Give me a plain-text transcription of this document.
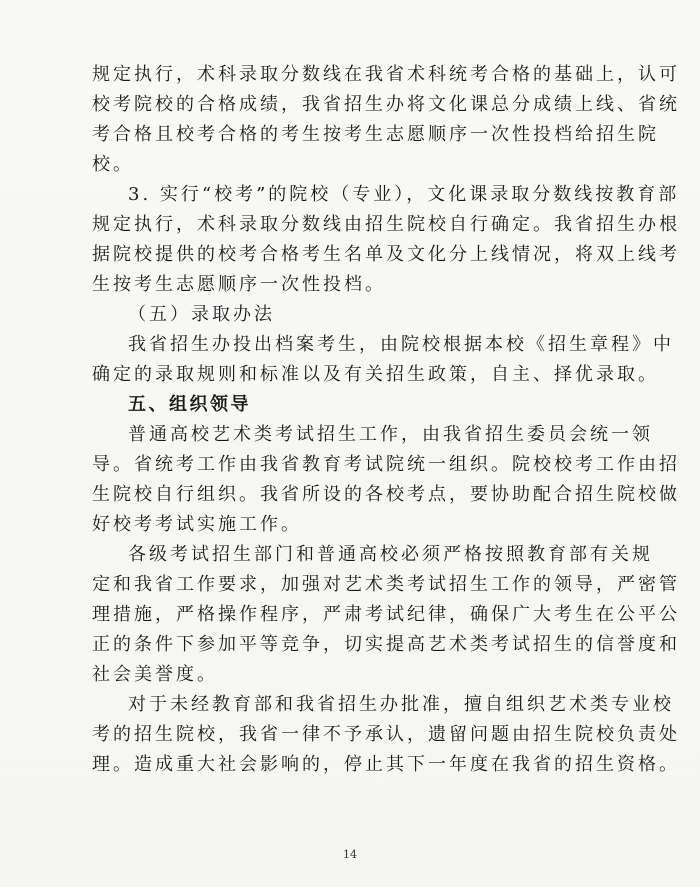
规定执行，术科录取分数线在我省术科统考合格的基础上，认可
校考院校的合格成绩，我省招生办将文化课总分成绩上线、省统
考合格且校考合格的考生按考生志愿顺序一次性投档给招生院
校。
3. 实行“校考”的院校（专业），文化课录取分数线按教育部
规定执行，术科录取分数线由招生院校自行确定。我省招生办根
据院校提供的校考合格考生名单及文化分上线情况，将双上线考
生按考生志愿顺序一次性投档。
（五）录取办法
我省招生办投出档案考生，由院校根据本校《招生章程》中
确定的录取规则和标准以及有关招生政策，自主、择优录取。
五、组织领导
普通高校艺术类考试招生工作，由我省招生委员会统一领
导。省统考工作由我省教育考试院统一组织。院校校考工作由招
生院校自行组织。我省所设的各校考点，要协助配合招生院校做
好校考考试实施工作。
各级考试招生部门和普通高校必须严格按照教育部有关规
定和我省工作要求，加强对艺术类考试招生工作的领导，严密管
理措施，严格操作程序，严肃考试纪律，确保广大考生在公平公
正的条件下参加平等竞争，切实提高艺术类考试招生的信誉度和
社会美誉度。
对于未经教育部和我省招生办批准，擅自组织艺术类专业校
考的招生院校，我省一律不予承认，遗留问题由招生院校负责处
理。造成重大社会影响的，停止其下一年度在我省的招生资格。
14
